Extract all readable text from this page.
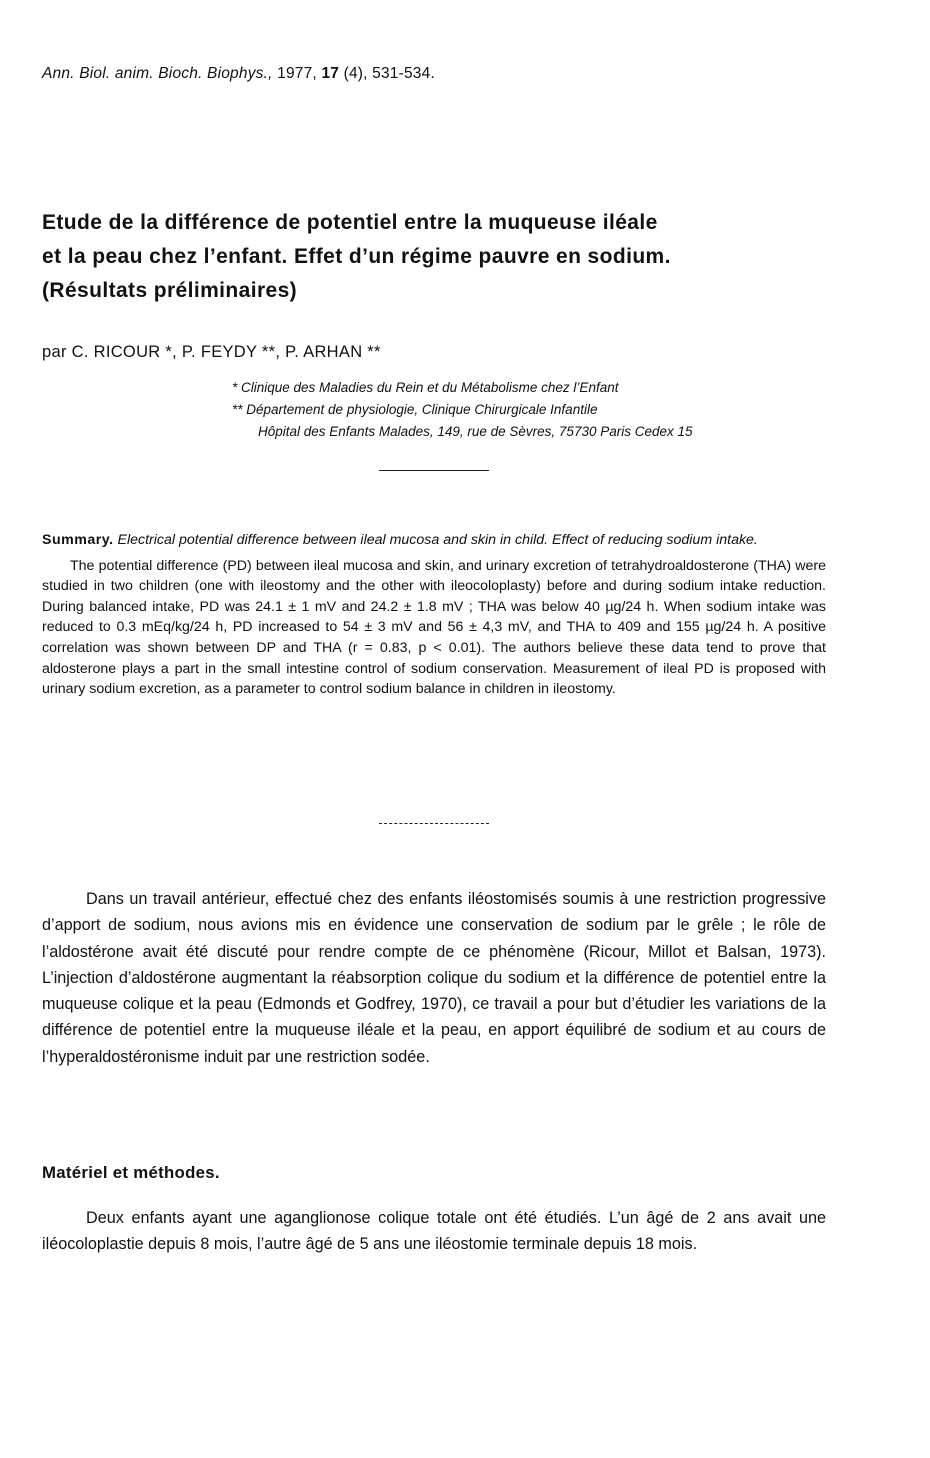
Ann. Biol. anim. Bioch. Biophys., 1977, 17 (4), 531-534.
Etude de la différence de potentiel entre la muqueuse iléale
et la peau chez l’enfant. Effet d’un régime pauvre en sodium.
(Résultats préliminaires)
par C. RICOUR *, P. FEYDY **, P. ARHAN **
* Clinique des Maladies du Rein et du Métabolisme chez l’Enfant
** Département de physiologie, Clinique Chirurgicale Infantile
Hôpital des Enfants Malades, 149, rue de Sèvres, 75730 Paris Cedex 15

Summary. Electrical potential difference between ileal mucosa and skin in child. Effect of reducing sodium intake.

The potential difference (PD) between ileal mucosa and skin, and urinary excretion of tetrahydroaldosterone (THA) were studied in two children (one with ileostomy and the other with ileocoloplasty) before and during sodium intake reduction. During balanced intake, PD was 24.1 ± 1 mV and 24.2 ± 1.8 mV ; THA was below 40 µg/24 h. When sodium intake was reduced to 0.3 mEq/kg/24 h, PD increased to 54 ± 3 mV and 56 ± 4,3 mV, and THA to 409 and 155 µg/24 h. A positive correlation was shown between DP and THA (r = 0.83, p < 0.01). The authors believe these data tend to prove that aldosterone plays a part in the small intestine control of sodium conservation. Measurement of ileal PD is proposed with urinary sodium excretion, as a parameter to control sodium balance in children in ileostomy.

Dans un travail antérieur, effectué chez des enfants iléostomisés soumis à une restriction progressive d’apport de sodium, nous avions mis en évidence une conservation de sodium par le grêle ; le rôle de l’aldostérone avait été discuté pour rendre compte de ce phénomène (Ricour, Millot et Balsan, 1973). L’injection d’aldostérone augmentant la réabsorption colique du sodium et la différence de potentiel entre la muqueuse colique et la peau (Edmonds et Godfrey, 1970), ce travail a pour but d’étudier les variations de la différence de potentiel entre la muqueuse iléale et la peau, en apport équilibré de sodium et au cours de l’hyperaldostéronisme induit par une restriction sodée.

Matériel et méthodes.

Deux enfants ayant une aganglionose colique totale ont été étudiés. L’un âgé de 2 ans avait une iléocoloplastie depuis 8 mois, l’autre âgé de 5 ans une iléostomie terminale depuis 18 mois.
